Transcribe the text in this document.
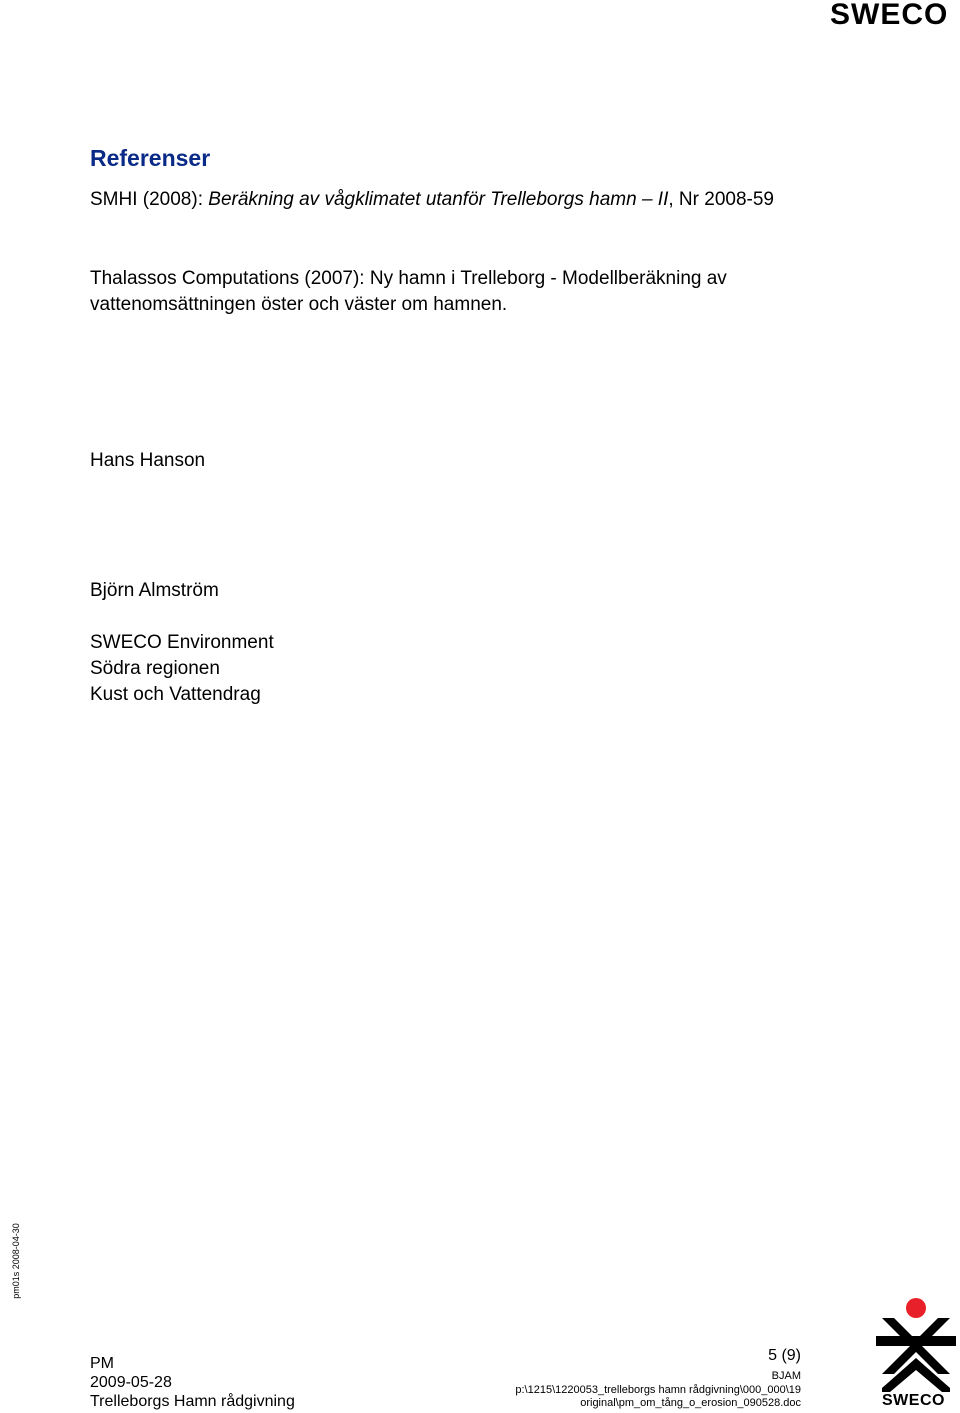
SWECO
Referenser
SMHI (2008): Beräkning av vågklimatet utanför Trelleborgs hamn – II, Nr 2008-59
Thalassos Computations (2007): Ny hamn i Trelleborg - Modellberäkning av
vattenomsättningen öster och väster om hamnen.
Hans Hanson
Björn Almström
SWECO Environment
Södra regionen
Kust och Vattendrag
pm01s 2008-04-30
PM
2009-05-28
Trelleborgs Hamn rådgivning
5 (9)
BJAM
p:\1215\1220053_trelleborgs hamn rådgivning\000_000\19
original\pm_om_tång_o_erosion_090528.doc	SWECO
